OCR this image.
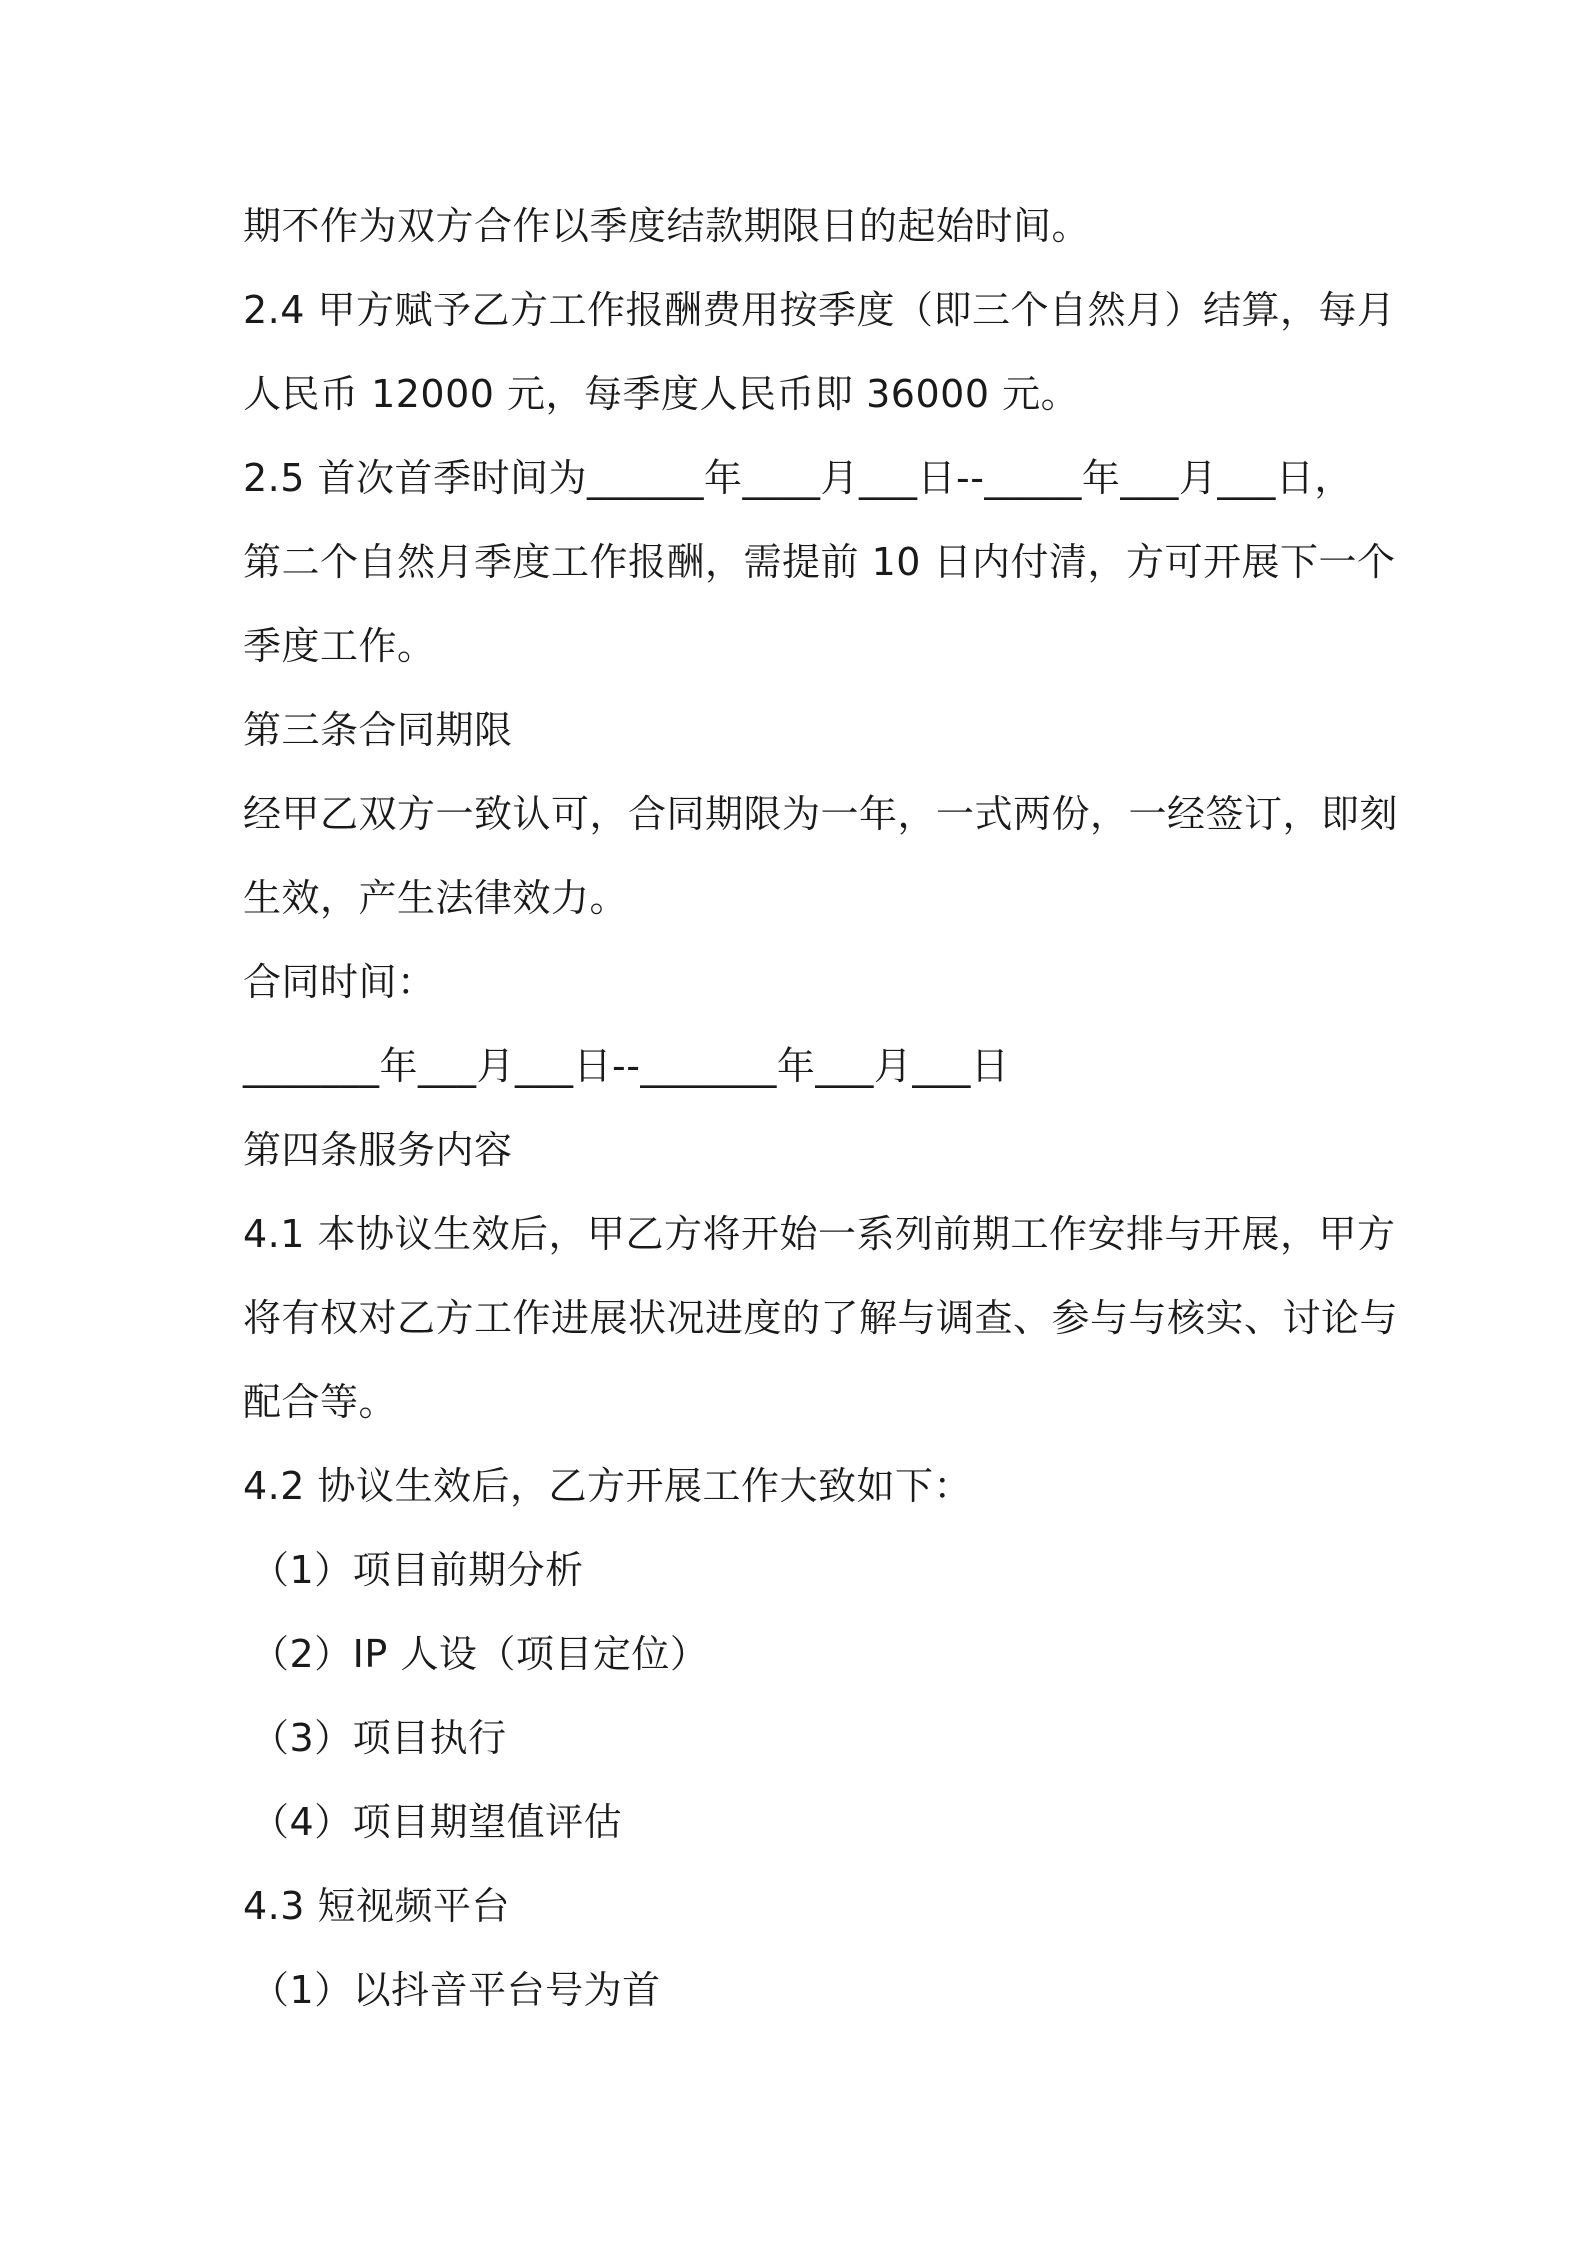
期不作为双方合作以季度结款期限日的起始时间。
2.4 甲方赋予乙方工作报酬费用按季度（即三个自然月）结算，每月
人民币 12000 元，每季度人民币即 36000 元。
2.5 首次首季时间为______年____月___日--_____年___月___日，
第二个自然月季度工作报酬，需提前 10 日内付清，方可开展下一个
季度工作。
第三条合同期限
经甲乙双方一致认可，合同期限为一年，一式两份，一经签订，即刻
生效，产生法律效力。
合同时间：
_______年___月___日--_______年___月___日
第四条服务内容
4.1 本协议生效后，甲乙方将开始一系列前期工作安排与开展，甲方
将有权对乙方工作进展状况进度的了解与调查、参与与核实、讨论与
配合等。
4.2 协议生效后，乙方开展工作大致如下：
（1）项目前期分析
（2）IP 人设（项目定位）
（3）项目执行
（4）项目期望值评估
4.3 短视频平台
（1）以抖音平台号为首
